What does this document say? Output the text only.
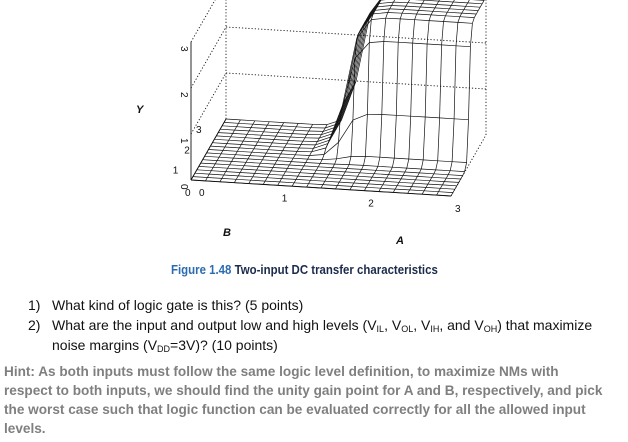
3
2
1
0
3
2
1
0	1	2	3
0
Y
B
A
Figure 1.48 Two-input DC transfer characteristics
1) What kind of logic gate is this? (5 points)
2) What are the input and output low and high levels ($V_{IL}$, $V_{OL}$, $V_{IH}$, and $V_{OH}$) that maximize
noise margins $(V_{DD}=3V)$? (10 points)
Hint: As both inputs must follow the same logic level definition, to maximize NMs with
respect to both inputs, we should find the unity gain point for A and B, respectively, and pick
the worst case such that logic function can be evaluated correctly for all the allowed input
levels.
